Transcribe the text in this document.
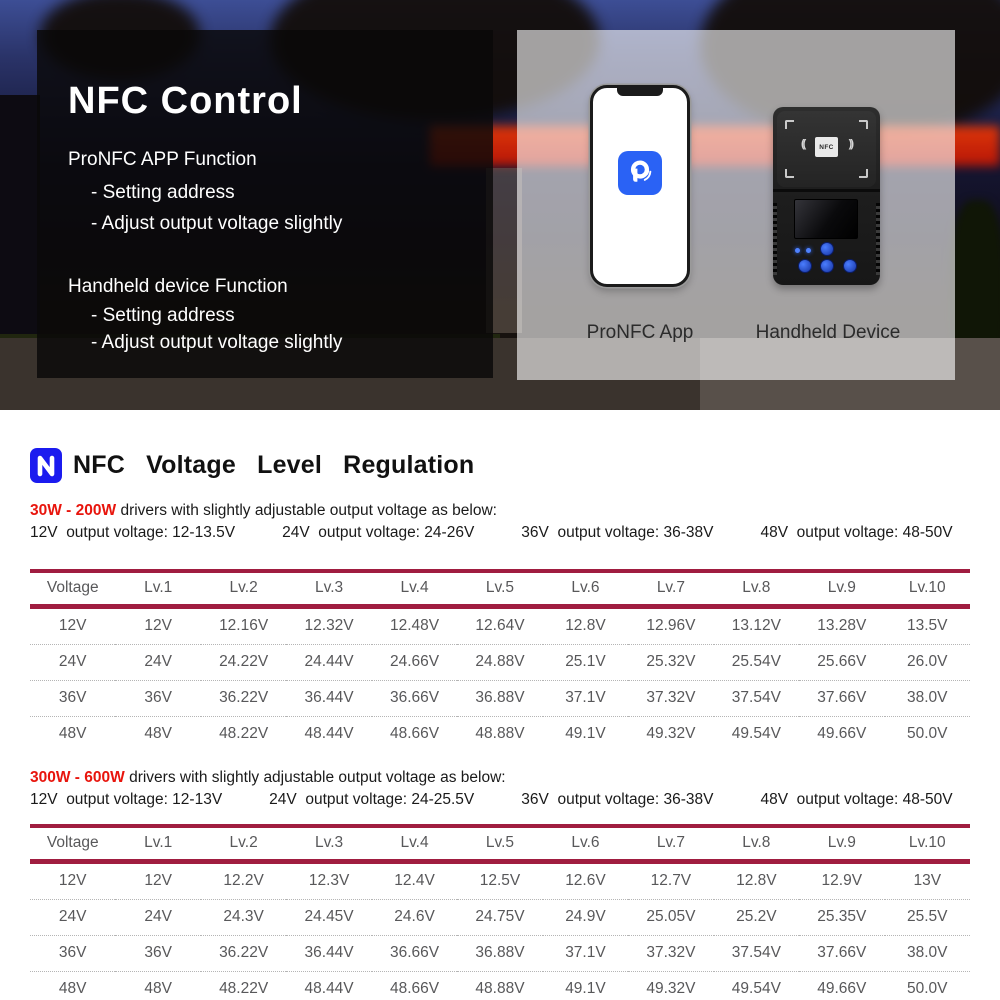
NFC Control
ProNFC APP Function
- Setting address
- Adjust output voltage slightly
Handheld device Function
- Setting address
- Adjust output voltage slightly	ProNFC App
((	NFC	))
Handheld Device
NFC Voltage Level Regulation

30W - 200W drivers with slightly adjustable output voltage as below:

12V  output voltage: 12-13.5V	24V  output voltage: 24-26V	36V  output voltage: 36-38V	48V  output voltage: 48-50V

Voltage	Lv.1	Lv.2	Lv.3	Lv.4	Lv.5	Lv.6	Lv.7	Lv.8	Lv.9	Lv.10
12V	12V	12.16V	12.32V	12.48V	12.64V	12.8V	12.96V	13.12V	13.28V	13.5V
24V	24V	24.22V	24.44V	24.66V	24.88V	25.1V	25.32V	25.54V	25.66V	26.0V
36V	36V	36.22V	36.44V	36.66V	36.88V	37.1V	37.32V	37.54V	37.66V	38.0V
48V	48V	48.22V	48.44V	48.66V	48.88V	49.1V	49.32V	49.54V	49.66V	50.0V

300W - 600W drivers with slightly adjustable output voltage as below:

12V  output voltage: 12-13V	24V  output voltage: 24-25.5V	36V  output voltage: 36-38V	48V  output voltage: 48-50V

Voltage	Lv.1	Lv.2	Lv.3	Lv.4	Lv.5	Lv.6	Lv.7	Lv.8	Lv.9	Lv.10
12V	12V	12.2V	12.3V	12.4V	12.5V	12.6V	12.7V	12.8V	12.9V	13V
24V	24V	24.3V	24.45V	24.6V	24.75V	24.9V	25.05V	25.2V	25.35V	25.5V
36V	36V	36.22V	36.44V	36.66V	36.88V	37.1V	37.32V	37.54V	37.66V	38.0V
48V	48V	48.22V	48.44V	48.66V	48.88V	49.1V	49.32V	49.54V	49.66V	50.0V
